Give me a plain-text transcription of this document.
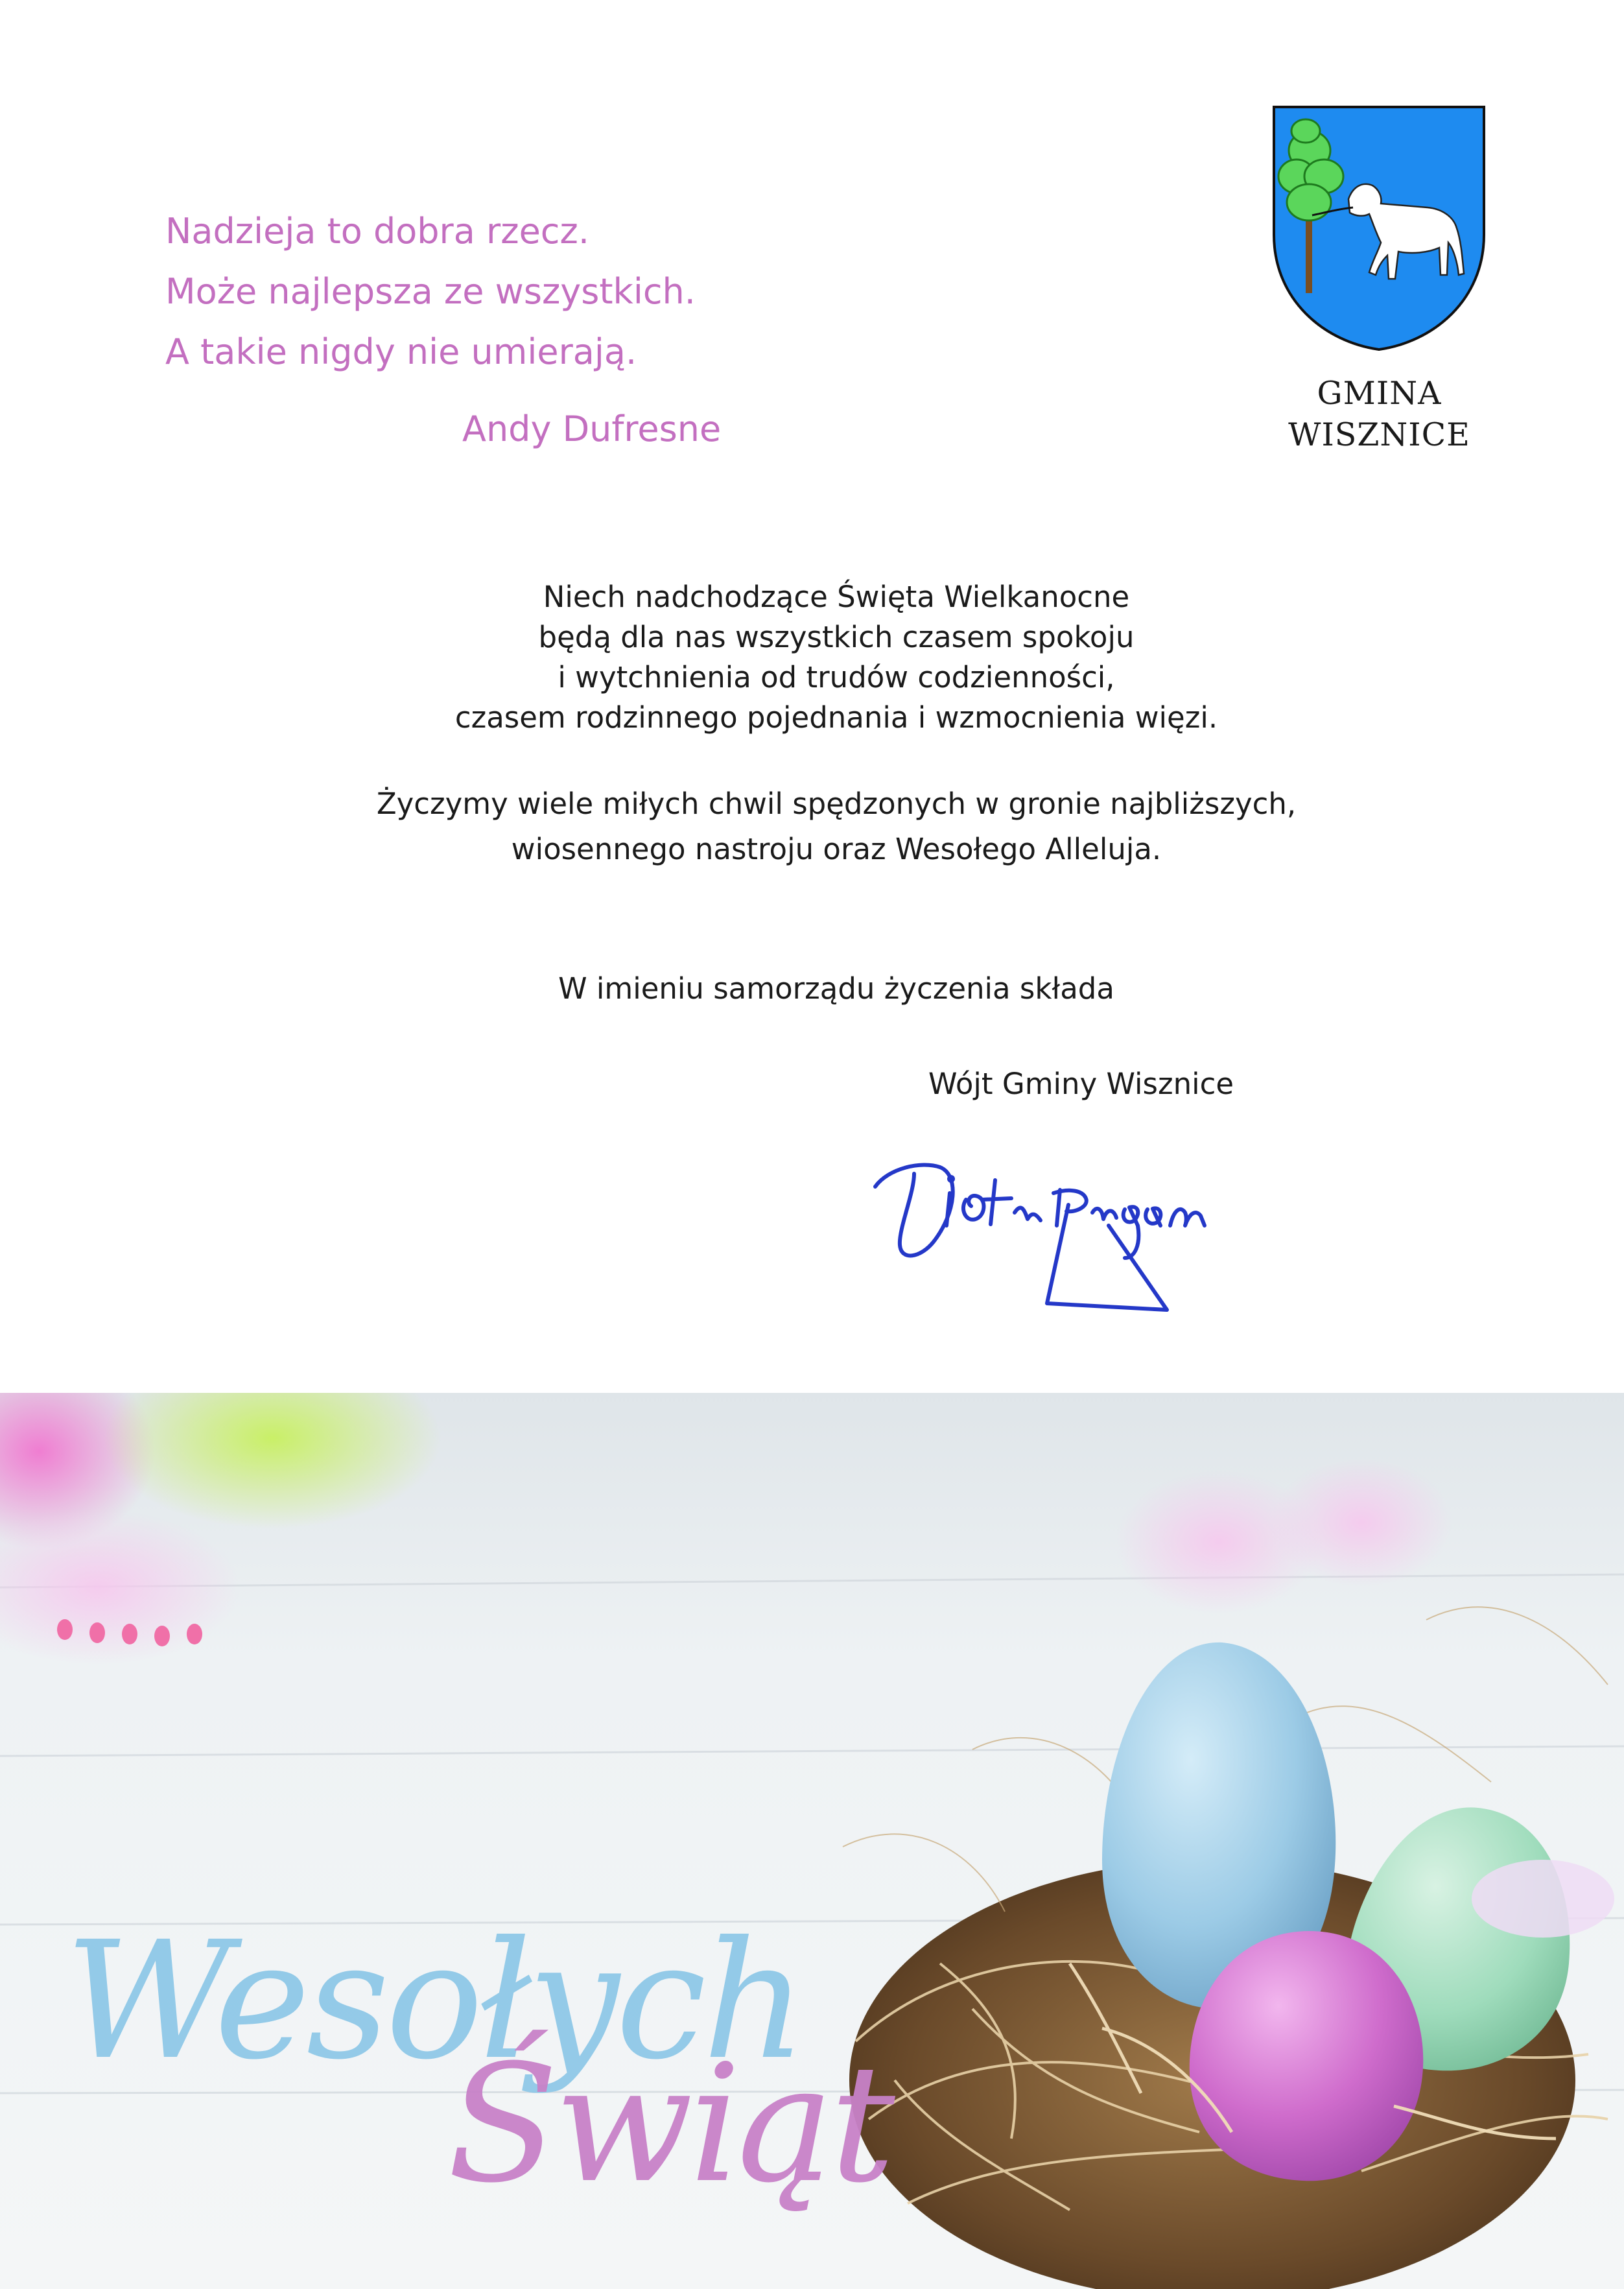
Nadzieja to dobra rzecz.
Może najlepsza ze wszystkich.
A takie nigdy nie umierają.
Andy Dufresne
GMINA
WISZNICE
Niech nadchodzące Święta Wielkanocne
będą dla nas wszystkich czasem spokoju
i wytchnienia od trudów codzienności,
czasem rodzinnego pojednania i wzmocnienia więzi.
Życzymy wiele miłych chwil spędzonych w gronie najbliższych,
wiosennego nastroju oraz Wesołego Alleluja.
W imieniu samorządu życzenia składa
Wójt Gminy Wisznice
Wesołych
Świąt
